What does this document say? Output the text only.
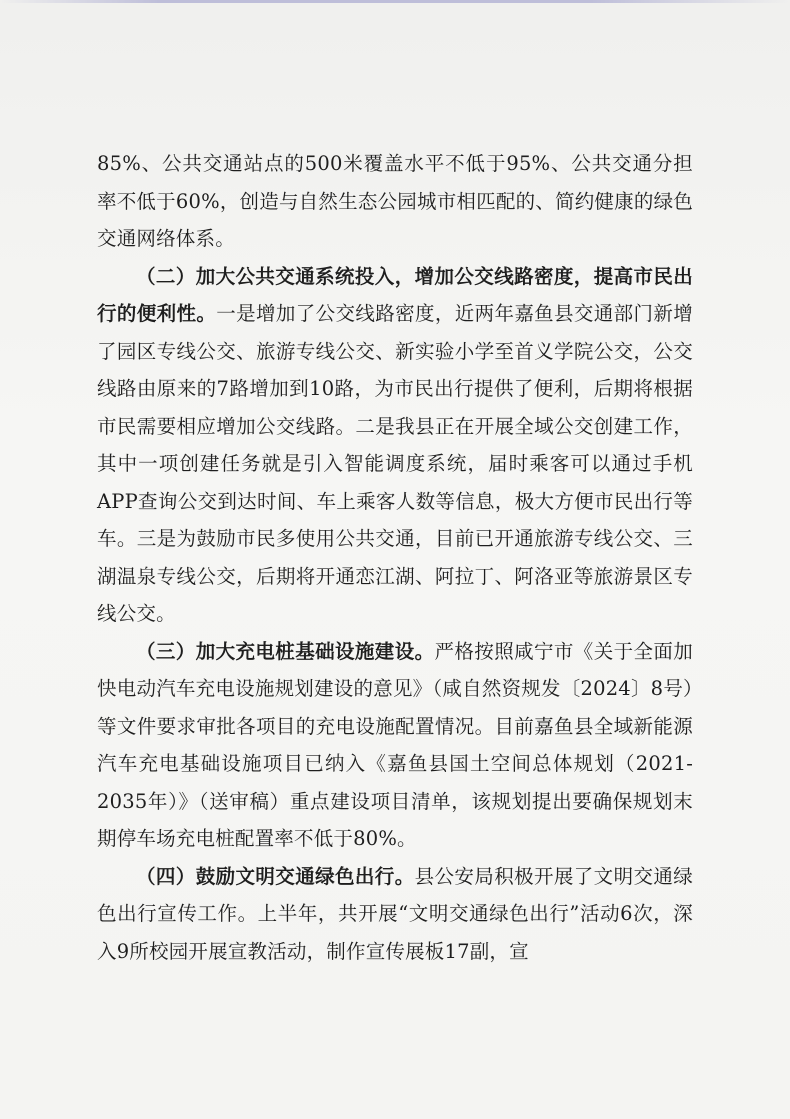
85%、公共交通站点的500米覆盖水平不低于95%、公共交通分担率不低于60%，创造与自然生态公园城市相匹配的、简约健康的绿色交通网络体系。

（二）加大公共交通系统投入，增加公交线路密度，提高市民出行的便利性。一是增加了公交线路密度，近两年嘉鱼县交通部门新增了园区专线公交、旅游专线公交、新实验小学至首义学院公交，公交线路由原来的7路增加到10路，为市民出行提供了便利，后期将根据市民需要相应增加公交线路。二是我县正在开展全域公交创建工作，其中一项创建任务就是引入智能调度系统，届时乘客可以通过手机APP查询公交到达时间、车上乘客人数等信息，极大方便市民出行等车。三是为鼓励市民多使用公共交通，目前已开通旅游专线公交、三湖温泉专线公交，后期将开通恋江湖、阿拉丁、阿洛亚等旅游景区专线公交。

（三）加大充电桩基础设施建设。严格按照咸宁市《关于全面加快电动汽车充电设施规划建设的意见》（咸自然资规发〔2024〕8号）等文件要求审批各项目的充电设施配置情况。目前嘉鱼县全域新能源汽车充电基础设施项目已纳入《嘉鱼县国土空间总体规划（2021-2035年）》（送审稿）重点建设项目清单，该规划提出要确保规划末期停车场充电桩配置率不低于80%。

（四）鼓励文明交通绿色出行。县公安局积极开展了文明交通绿色出行宣传工作。上半年，共开展“文明交通绿色出行”活动6次，深入9所校园开展宣教活动，制作宣传展板17副，宣
